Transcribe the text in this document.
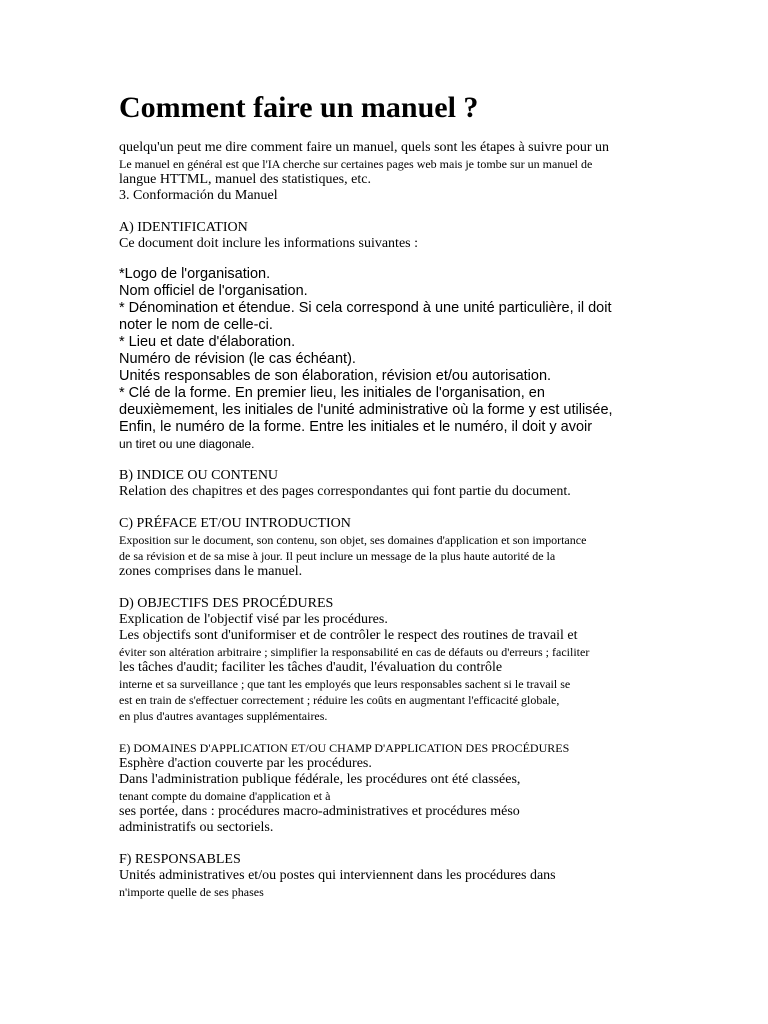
Comment faire un manuel ?
quelqu'un peut me dire comment faire un manuel, quels sont les étapes à suivre pour un
Le manuel en général est que l'IA cherche sur certaines pages web mais je tombe sur un manuel de
langue HTTML, manuel des statistiques, etc.
3. Conformación du Manuel
A) IDENTIFICATION
Ce document doit inclure les informations suivantes :
*Logo de l'organisation.
Nom officiel de l'organisation.
* Dénomination et étendue. Si cela correspond à une unité particulière, il doit
noter le nom de celle-ci.
* Lieu et date d'élaboration.
Numéro de révision (le cas échéant).
Unités responsables de son élaboration, révision et/ou autorisation.
* Clé de la forme. En premier lieu, les initiales de l'organisation, en
deuxièmement, les initiales de l'unité administrative où la forme y est utilisée,
Enfin, le numéro de la forme. Entre les initiales et le numéro, il doit y avoir
un tiret ou une diagonale.
B) INDICE OU CONTENU
Relation des chapitres et des pages correspondantes qui font partie du document.
C) PRÉFACE ET/OU INTRODUCTION
Exposition sur le document, son contenu, son objet, ses domaines d'application et son importance
de sa révision et de sa mise à jour. Il peut inclure un message de la plus haute autorité de la
zones comprises dans le manuel.
D) OBJECTIFS DES PROCÉDURES
Explication de l'objectif visé par les procédures.
Les objectifs sont d'uniformiser et de contrôler le respect des routines de travail et
éviter son altération arbitraire ; simplifier la responsabilité en cas de défauts ou d'erreurs ; faciliter
les tâches d'audit; faciliter les tâches d'audit, l'évaluation du contrôle
interne et sa surveillance ; que tant les employés que leurs responsables sachent si le travail se
est en train de s'effectuer correctement ; réduire les coûts en augmentant l'efficacité globale,
en plus d'autres avantages supplémentaires.
E) DOMAINES D'APPLICATION ET/OU CHAMP D'APPLICATION DES PROCÉDURES
Esphère d'action couverte par les procédures.
Dans l'administration publique fédérale, les procédures ont été classées,
tenant compte du domaine d'application et à
ses portée, dans : procédures macro-administratives et procédures méso
administratifs ou sectoriels.
F) RESPONSABLES
Unités administratives et/ou postes qui interviennent dans les procédures dans
n'importe quelle de ses phases
